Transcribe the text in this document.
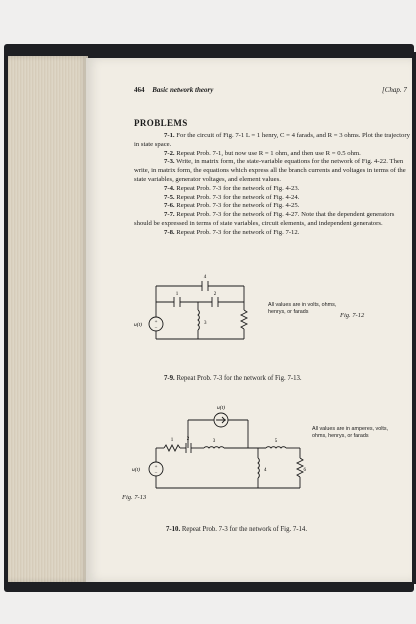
464 Basic network theory	[Chap. 7
PROBLEMS

7-1. For the circuit of Fig. 7-1 L = 1 henry, C = 4 farads, and R = 3 ohms. Plot the trajectory in state space.

7-2. Repeat Prob. 7-1, but now use R = 1 ohm, and then use R = 0.5 ohm.

7-3. Write, in matrix form, the state-variable equations for the network of Fig. 4-22. Then write, in matrix form, the equations which express all the branch currents and voltages in terms of the state variables, generator voltages, and element values.

7-4. Repeat Prob. 7-3 for the network of Fig. 4-23.

7-5. Repeat Prob. 7-3 for the network of Fig. 4-24.

7-6. Repeat Prob. 7-3 for the network of Fig. 4-25.

7-7. Repeat Prob. 7-3 for the network of Fig. 4-27. Note that the dependent generators should be expressed in terms of state variables, circuit elements, and independent generators.

7-8. Repeat Prob. 7-3 for the network of Fig. 7-12.

4
1	2
3
+
−
u(t)
All values are in volts, ohms, henrys, or farads	Fig. 7-12
7-9. Repeat Prob. 7-3 for the network of Fig. 7-13.
u(t)
1	2	3	5
4	6
+
−
u(t)
All values are in amperes, volts, ohms, henrys, or farads
Fig. 7-13
7-10. Repeat Prob. 7-3 for the network of Fig. 7-14.
